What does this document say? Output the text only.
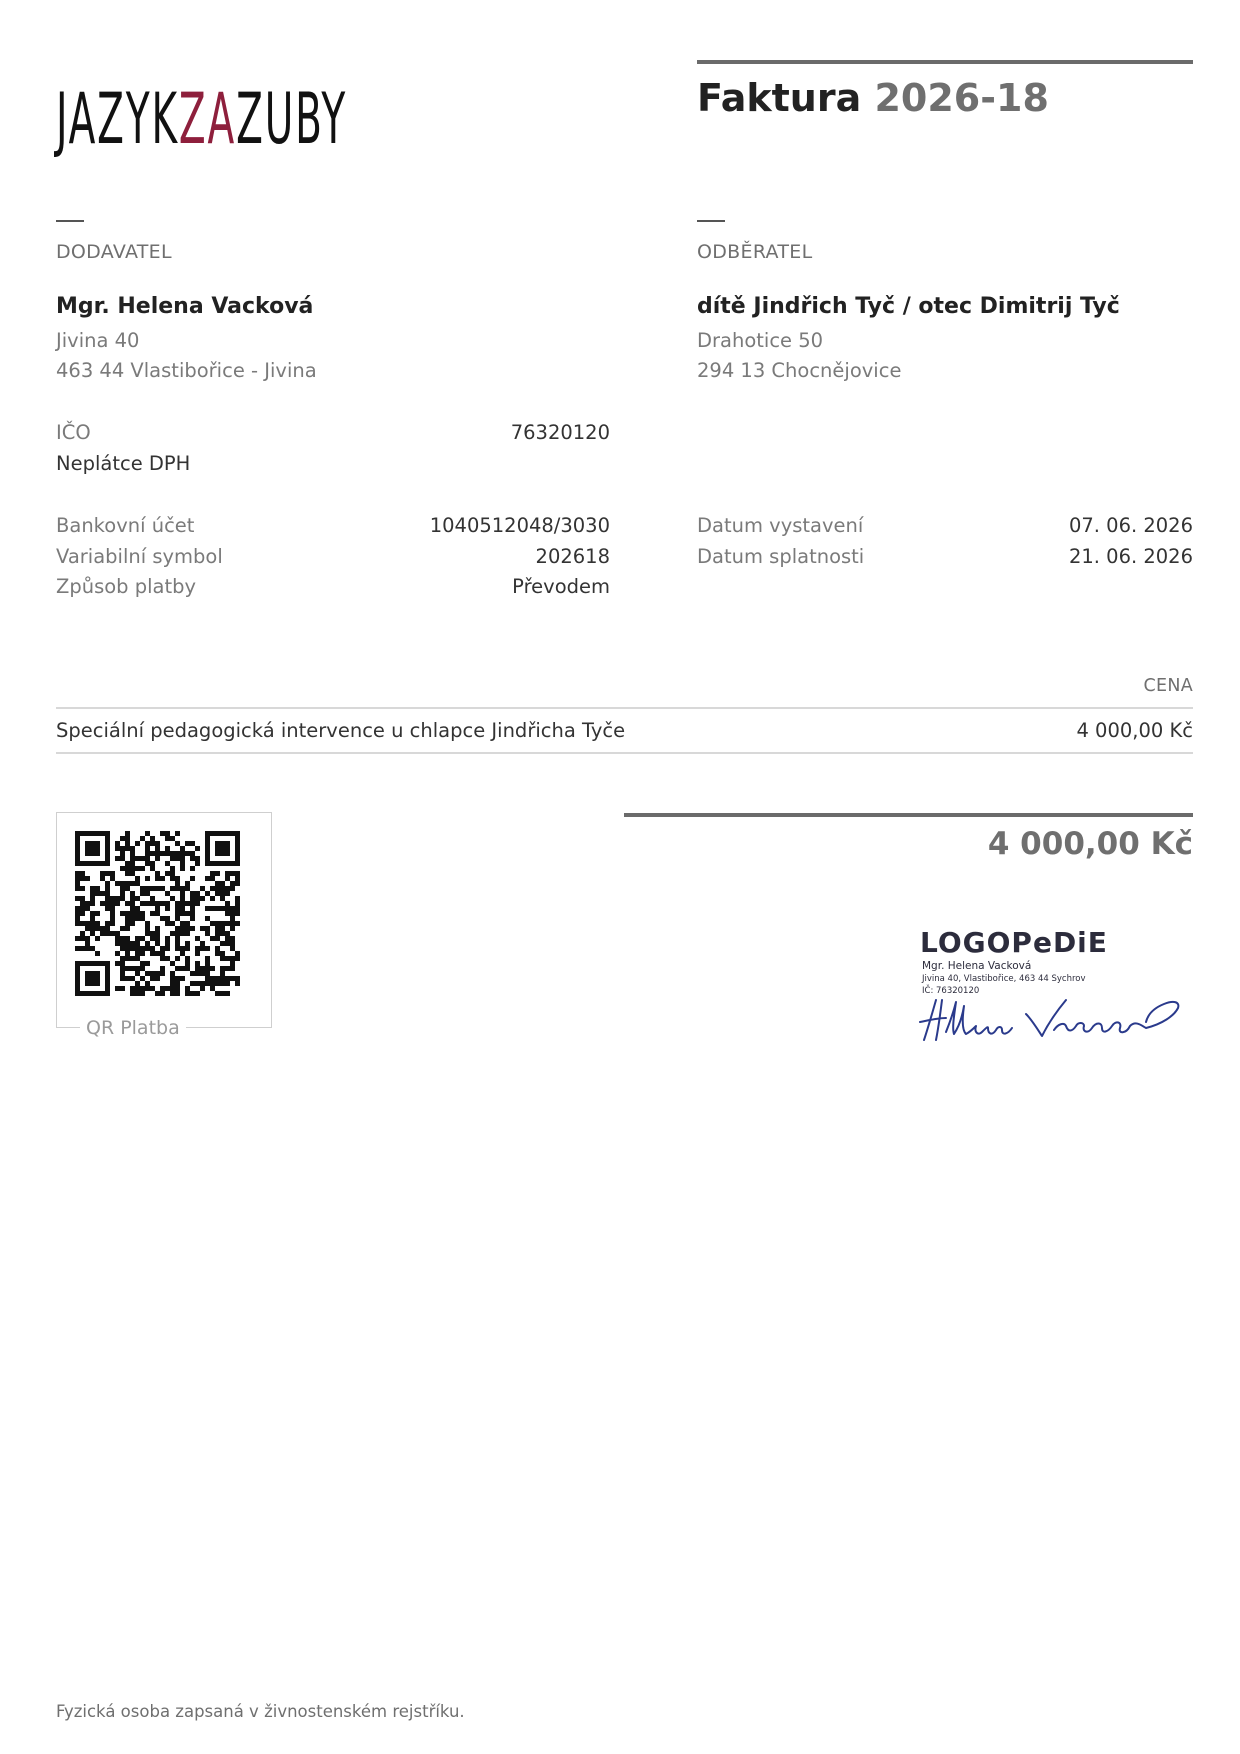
JAZYKZAZUBY	Faktura 2026-18
DODAVATEL
Mgr. Helena Vacková
Jivina 40
463 44 Vlastibořice - Jivina
IČO	76320120
Neplátce DPH
ODBĚRATEL
dítě Jindřich Tyč / otec Dimitrij Tyč
Drahotice 50
294 13 Chocnějovice
Bankovní účet	1040512048/3030
Variabilní symbol	202618
Způsob platby	Převodem
Datum vystavení	07. 06. 2026
Datum splatnosti	21. 06. 2026
CENA
Speciální pedagogická intervence u chlapce Jindřicha Tyče	4 000,00 Kč
4 000,00 Kč
QR Platba
LOGOPeDiE
Mgr. Helena Vacková
Jivina 40, Vlastibořice, 463 44 Sychrov
IČ: 76320120
Fyzická osoba zapsaná v živnostenském rejstříku.
